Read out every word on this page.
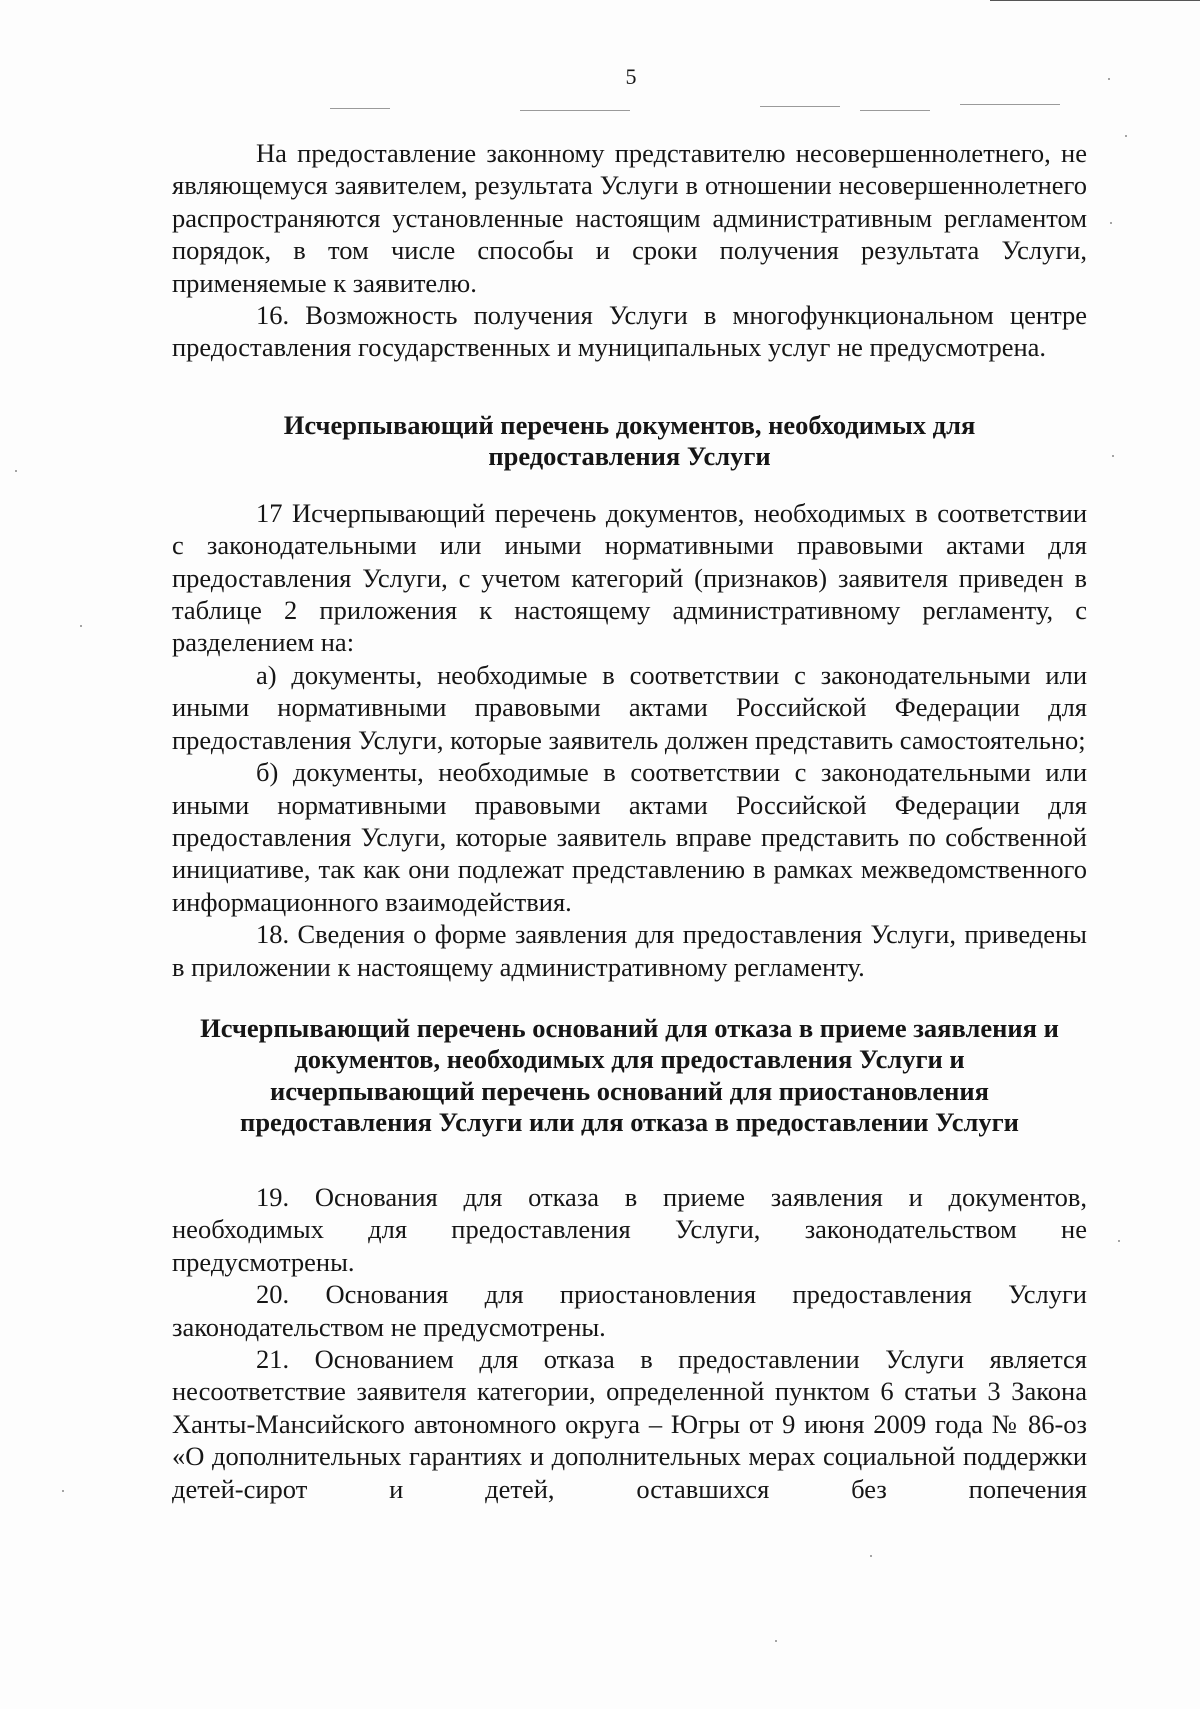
5

На предоставление законному представителю несовершеннолетнего, не являющемуся заявителем, результата Услуги в отношении несовершеннолетнего распространяются установленные настоящим административным регламентом порядок, в том числе способы и сроки получения результата Услуги, применяемые к заявителю.

16. Возможность получения Услуги в многофункциональном центре предоставления государственных и муниципальных услуг не предусмотрена.

Исчерпывающий перечень документов, необходимых для предоставления Услуги

17 Исчерпывающий перечень документов, необходимых в соответствии с законодательными или иными нормативными правовыми актами для предоставления Услуги, с учетом категорий (признаков) заявителя приведен в таблице 2 приложения к настоящему административному регламенту, с разделением на:

а) документы, необходимые в соответствии с законодательными или иными нормативными правовыми актами Российской Федерации для предоставления Услуги, которые заявитель должен представить самостоятельно;

б) документы, необходимые в соответствии с законодательными или иными нормативными правовыми актами Российской Федерации для предоставления Услуги, которые заявитель вправе представить по собственной инициативе, так как они подлежат представлению в рамках межведомственного информационного взаимодействия.

18. Сведения о форме заявления для предоставления Услуги, приведены в приложении к настоящему административному регламенту.

Исчерпывающий перечень оснований для отказа в приеме заявления и документов, необходимых для предоставления Услуги и исчерпывающий перечень оснований для приостановления предоставления Услуги или для отказа в предоставлении Услуги

19. Основания для отказа в приеме заявления и документов, необходимых для предоставления Услуги, законодательством не предусмотрены.

20. Основания для приостановления предоставления Услуги законодательством не предусмотрены.

21. Основанием для отказа в предоставлении Услуги является несоответствие заявителя категории, определенной пунктом 6 статьи 3 Закона Ханты-Мансийского автономного округа – Югры от 9 июня 2009 года № 86-оз «О дополнительных гарантиях и дополнительных мерах социальной поддержки детей-сирот и детей, оставшихся без попечения
